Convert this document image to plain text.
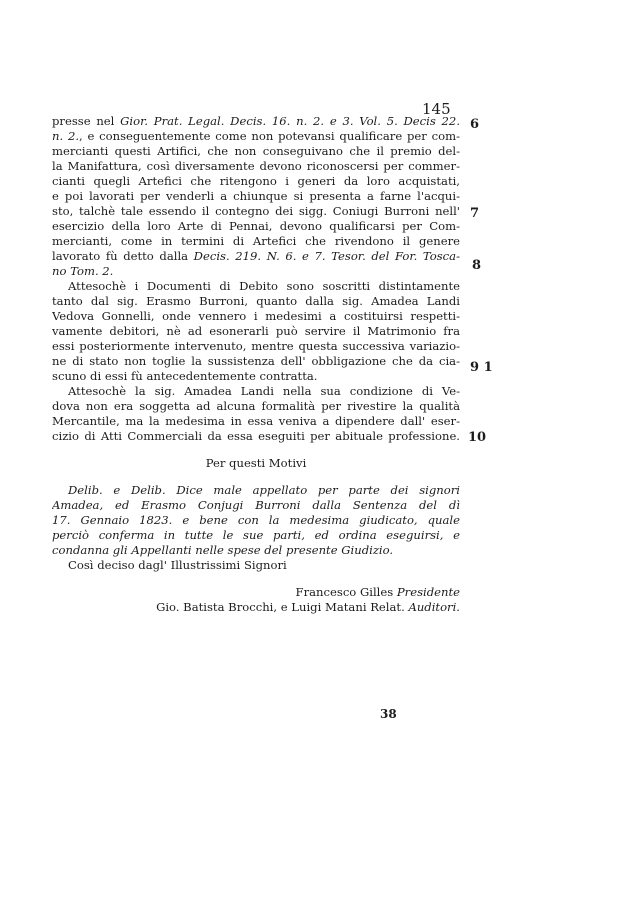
145
6
7
8
9 1
10
presse nel Gior. Prat. Legal. Decis. 16. n. 2. e 3. Vol. 5. Decis 22.
n. 2., e conseguentemente come non potevansi qualificare per com-
mercianti questi Artifici, che non conseguivano che il premio del-
la Manifattura, così diversamente devono riconoscersi per commer-
cianti quegli Artefici che ritengono i generi da loro acquistati,
e poi lavorati per venderli a chiunque si presenta a farne l'acqui-
sto, talchè tale essendo il contegno dei sigg. Coniugi Burroni nell'
esercizio della loro Arte di Pennai, devono qualificarsi per Com-
mercianti, come in termini di Artefici che rivendono il genere
lavorato fù detto dalla Decis. 219. N. 6. e 7. Tesor. del For. Tosca-
no Tom. 2.
Attesochè i Documenti di Debito sono soscritti distintamente
tanto dal sig. Erasmo Burroni, quanto dalla sig. Amadea Landi
Vedova Gonnelli, onde vennero i medesimi a costituirsi respetti-
vamente debitori, nè ad esonerarli può servire il Matrimonio fra
essi posteriormente intervenuto, mentre questa successiva variazio-
ne di stato non toglie la sussistenza dell' obbligazione che da cia-
scuno di essi fù antecedentemente contratta.
Attesochè la sig. Amadea Landi nella sua condizione di Ve-
dova non era soggetta ad alcuna formalità per rivestire la qualità
Mercantile, ma la medesima in essa veniva a dipendere dall' eser-
cizio di Atti Commerciali da essa eseguiti per abituale professione.
Per questi Motivi
Delib. e Delib. Dice male appellato per parte dei signori
Amadea, ed Erasmo Conjugi Burroni dalla Sentenza del dì
17. Gennaio 1823. e bene con la medesima giudicato, quale
perciò conferma in tutte le sue parti, ed ordina eseguirsi, e
condanna gli Appellanti nelle spese del presente Giudizio.
Così deciso dagl' Illustrissimi Signori
Francesco Gilles Presidente
Gio. Batista Brocchi, e Luigi Matani Relat. Auditori.
38
